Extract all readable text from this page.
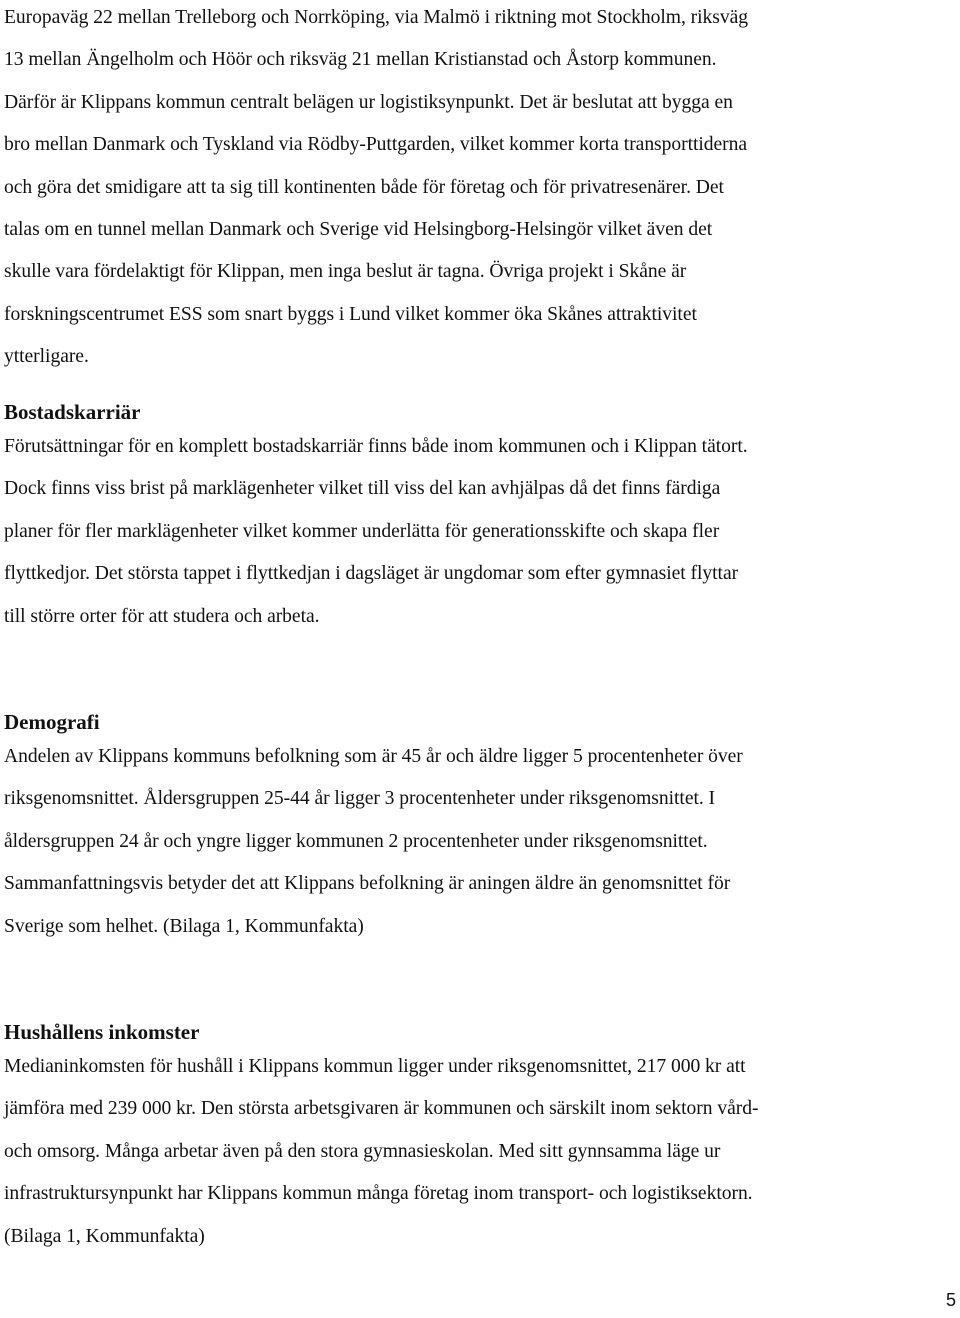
Europaväg 22 mellan Trelleborg och Norrköping, via Malmö i riktning mot Stockholm, riksväg
13 mellan Ängelholm och Höör och riksväg 21 mellan Kristianstad och Åstorp kommunen.
Därför är Klippans kommun centralt belägen ur logistiksynpunkt. Det är beslutat att bygga en
bro mellan Danmark och Tyskland via Rödby-Puttgarden, vilket kommer korta transporttiderna
och göra det smidigare att ta sig till kontinenten både för företag och för privatresenärer. Det
talas om en tunnel mellan Danmark och Sverige vid Helsingborg-Helsingör vilket även det
skulle vara fördelaktigt för Klippan, men inga beslut är tagna. Övriga projekt i Skåne är
forskningscentrumet ESS som snart byggs i Lund vilket kommer öka Skånes attraktivitet
ytterligare.
Bostadskarriär
Förutsättningar för en komplett bostadskarriär finns både inom kommunen och i Klippan tätort.
Dock finns viss brist på marklägenheter vilket till viss del kan avhjälpas då det finns färdiga
planer för fler marklägenheter vilket kommer underlätta för generationsskifte och skapa fler
flyttkedjor. Det största tappet i flyttkedjan i dagsläget är ungdomar som efter gymnasiet flyttar
till större orter för att studera och arbeta.
Demografi
Andelen av Klippans kommuns befolkning som är 45 år och äldre ligger 5 procentenheter över
riksgenomsnittet. Åldersgruppen 25-44 år ligger 3 procentenheter under riksgenomsnittet. I
åldersgruppen 24 år och yngre ligger kommunen 2 procentenheter under riksgenomsnittet.
Sammanfattningsvis betyder det att Klippans befolkning är aningen äldre än genomsnittet för
Sverige som helhet. (Bilaga 1, Kommunfakta)
Hushållens inkomster
Medianinkomsten för hushåll i Klippans kommun ligger under riksgenomsnittet, 217 000 kr att
jämföra med 239 000 kr. Den största arbetsgivaren är kommunen och särskilt inom sektorn vård-
och omsorg. Många arbetar även på den stora gymnasieskolan. Med sitt gynnsamma läge ur
infrastruktursynpunkt har Klippans kommun många företag inom transport- och logistiksektorn.
(Bilaga 1, Kommunfakta)
5
